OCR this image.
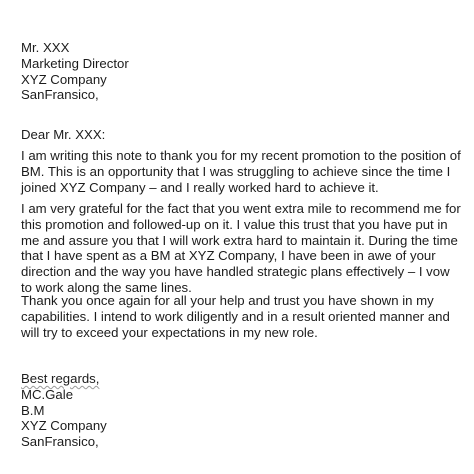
Mr. XXX
Marketing Director
XYZ Company
SanFransico,
Dear Mr. XXX:
I am writing this note to thank you for my recent promotion to the position of
BM. This is an opportunity that I was struggling to achieve since the time I
joined XYZ Company – and I really worked hard to achieve it.
I am very grateful for the fact that you went extra mile to recommend me for
this promotion and followed-up on it. I value this trust that you have put in
me and assure you that I will work extra hard to maintain it. During the time
that I have spent as a BM at XYZ Company, I have been in awe of your
direction and the way you have handled strategic plans effectively – I vow
to work along the same lines.
Thank you once again for all your help and trust you have shown in my
capabilities. I intend to work diligently and in a result oriented manner and
will try to exceed your expectations in my new role.
Best regards,
MC.Gale
B.M
XYZ Company
SanFransico,
